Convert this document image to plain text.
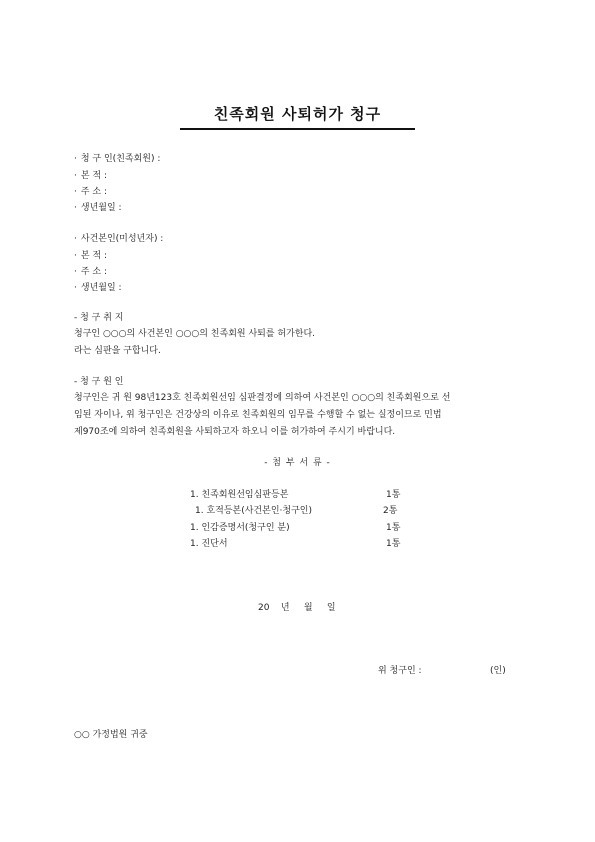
친족회원 사퇴허가 청구
· 청 구 인(친족회원) :
· 본 적 :
· 주 소 :
· 생년월일 :
· 사건본인(미성년자) :
· 본 적 :
· 주 소 :
· 생년월일 :
- 청 구 취 지
청구인 ○○○의 사건본인 ○○○의 친족회원 사퇴를 허가한다.
라는 심판을 구합니다.
- 청 구 원 인
청구인은 귀 원 98년123호 친족회원선임 심판결정에 의하여 사건본인 ○○○의 친족회원으로 선
임된 자이나, 위 청구인은 건강상의 이유로 친족회원의 임무를 수행할 수 없는 실정이므로 민법
제970조에 의하여 친족회원을 사퇴하고자 하오니 이를 허가하여 주시기 바랍니다.
- 첨 부 서 류 -
1. 친족회원선임심판등본	1통
1. 호적등본(사건본인·청구인)	2통
1. 인감증명서(청구인 분)	1통
1. 진단서	1통
20    년     월     일
위 청구인 :	(인)
○○ 가정법원 귀중
